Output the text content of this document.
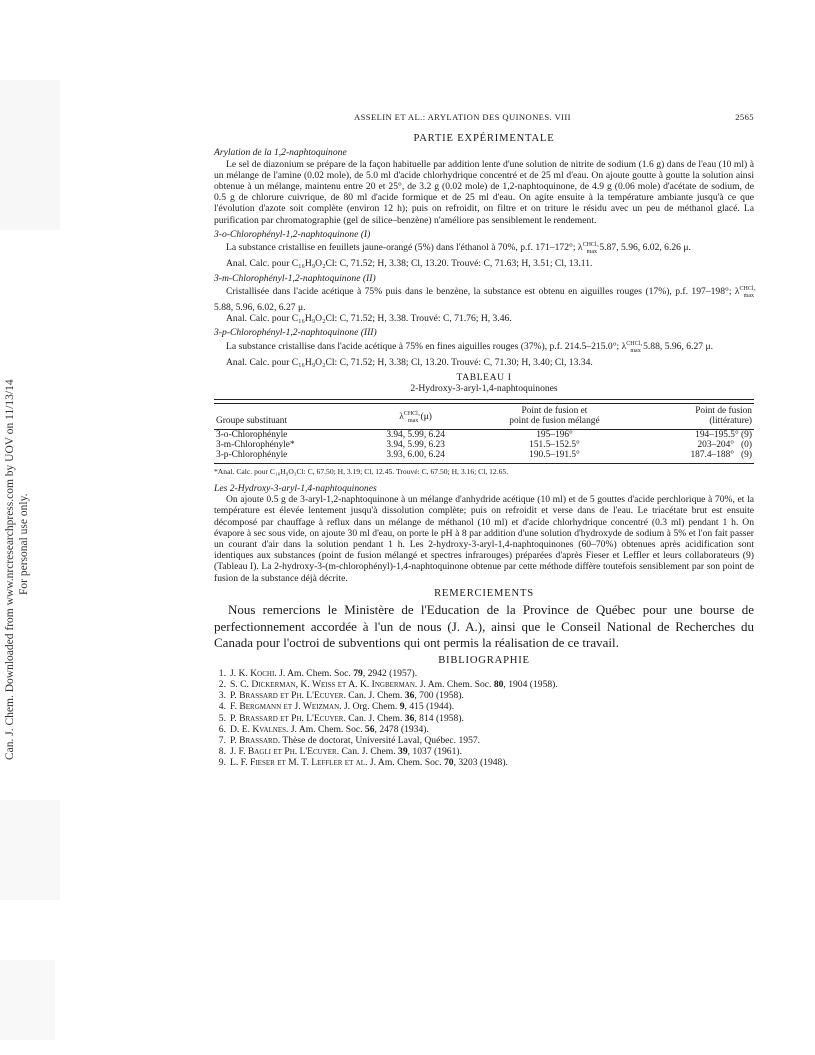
Can. J. Chem. Downloaded from www.nrcresearchpress.com by UOV on 11/13/14 For personal use only.
ASSELIN ET AL.: ARYLATION DES QUINONES. VIII	2565
PARTIE EXPÉRIMENTALE
Arylation de la 1,2-naphtoquinone

Le sel de diazonium se prépare de la façon habituelle par addition lente d'une solution de nitrite de sodium (1.6 g) dans de l'eau (10 ml) à un mélange de l'amine (0.02 mole), de 5.0 ml d'acide chlorhydrique concentré et de 25 ml d'eau. On ajoute goutte à goutte la solution ainsi obtenue à un mélange, maintenu entre 20 et 25°, de 3.2 g (0.02 mole) de 1,2-naphtoquinone, de 4.9 g (0.06 mole) d'acétate de sodium, de 0.5 g de chlorure cuivrique, de 80 ml d'acide formique et de 25 ml d'eau. On agite ensuite à la température ambiante jusqu'à ce que l'évolution d'azote soit complète (environ 12 h); puis on refroidit, on filtre et on triture le résidu avec un peu de méthanol glacé. La purification par chromatographie (gel de silice–benzène) n'améliore pas sensiblement le rendement.

3-o-Chlorophényl-1,2-naphtoquinone (I)

La substance cristallise en feuillets jaune-orangé (5%) dans l'éthanol à 70%, p.f. 171–172°; $\lambda^{CHCl_3}_{max}$ 5.87, 5.96, 6.02, 6.26 μ.

Anal. Calc. pour C₁₆H₉O₂Cl: C, 71.52; H, 3.38; Cl, 13.20. Trouvé: C, 71.63; H, 3.51; Cl, 13.11.

3-m-Chlorophényl-1,2-naphtoquinone (II)

Cristallisée dans l'acide acétique à 75% puis dans le benzène, la substance est obtenu en aiguilles rouges (17%), p.f. 197–198°; $\lambda^{CHCl_3}_{max}$ 5.88, 5.96, 6.02, 6.27 μ.

Anal. Calc. pour C₁₆H₉O₂Cl: C, 71.52; H, 3.38. Trouvé: C, 71.76; H, 3.46.

3-p-Chlorophényl-1,2-naphtoquinone (III)

La substance cristallise dans l'acide acétique à 75% en fines aiguilles rouges (37%), p.f. 214.5–215.0°; $\lambda^{CHCl_3}_{max}$ 5.88, 5.96, 6.27 μ.

Anal. Calc. pour C₁₆H₉O₂Cl: C, 71.52; H, 3.38; Cl, 13.20. Trouvé: C, 71.30; H, 3.40; Cl, 13.34.

TABLEAU I
2-Hydroxy-3-aryl-1,4-naphtoquinones

Groupe substituant	$\lambda^{CHCl_3}_{max}$ (μ)	Point de fusion et
point de fusion mélangé	Point de fusion
(littérature)
3-o-Chlorophényle	3.94, 5.99, 6.24	195–196°	194–195.5° (9)
3-m-Chlorophényle*	3.94, 5.99, 6.23	151.5–152.5°	203–204°   (0)
3-p-Chlorophényle	3.93, 6.00, 6.24	190.5–191.5°	187.4–188°   (9)
*Anal. Calc. pour C₁₆H₉O₃Cl: C, 67.50; H, 3.19; Cl, 12.45. Trouvé: C, 67.50; H, 3.16; Cl, 12.65.
Les 2-Hydroxy-3-aryl-1,4-naphtoquinones

On ajoute 0.5 g de 3-aryl-1,2-naphtoquinone à un mélange d'anhydride acétique (10 ml) et de 5 gouttes d'acide perchlorique à 70%, et la température est élevée lentement jusqu'à dissolution complète; puis on refroidit et verse dans de l'eau. Le triacétate brut est ensuite décomposé par chauffage à reflux dans un mélange de méthanol (10 ml) et d'acide chlorhydrique concentré (0.3 ml) pendant 1 h. On évapore à sec sous vide, on ajoute 30 ml d'eau, on porte le pH à 8 par addition d'une solution d'hydroxyde de sodium à 5% et l'on fait passer un courant d'air dans la solution pendant 1 h. Les 2-hydroxy-3-aryl-1,4-naphtoquinones (60–70%) obtenues après acidification sont identiques aux substances (point de fusion mélangé et spectres infrarouges) préparées d'après Fieser et Leffler et leurs collaborateurs (9) (Tableau I). La 2-hydroxy-3-(m-chlorophényl)-1,4-naphtoquinone obtenue par cette méthode diffère toutefois sensiblement par son point de fusion de la substance déjà décrite.

REMERCIEMENTS

Nous remercions le Ministère de l'Education de la Province de Québec pour une bourse de perfectionnement accordée à l'un de nous (J. A.), ainsi que le Conseil National de Recherches du Canada pour l'octroi de subventions qui ont permis la réalisation de ce travail.

BIBLIOGRAPHIE
1. J. K. Kochi. J. Am. Chem. Soc. 79, 2942 (1957).
2. S. C. Dickerman, K. Weiss et A. K. Ingberman. J. Am. Chem. Soc. 80, 1904 (1958).
3. P. Brassard et Ph. L'Ecuyer. Can. J. Chem. 36, 700 (1958).
4. F. Bergmann et J. Weizman. J. Org. Chem. 9, 415 (1944).
5. P. Brassard et Ph. L'Ecuyer. Can. J. Chem. 36, 814 (1958).
6. D. E. Kvalnes. J. Am. Chem. Soc. 56, 2478 (1934).
7. P. Brassard. Thèse de doctorat, Université Laval, Québec. 1957.
8. J. F. Bagli et Ph. L'Ecuyer. Can. J. Chem. 39, 1037 (1961).
9. L. F. Fieser et M. T. Leffler et al. J. Am. Chem. Soc. 70, 3203 (1948).
